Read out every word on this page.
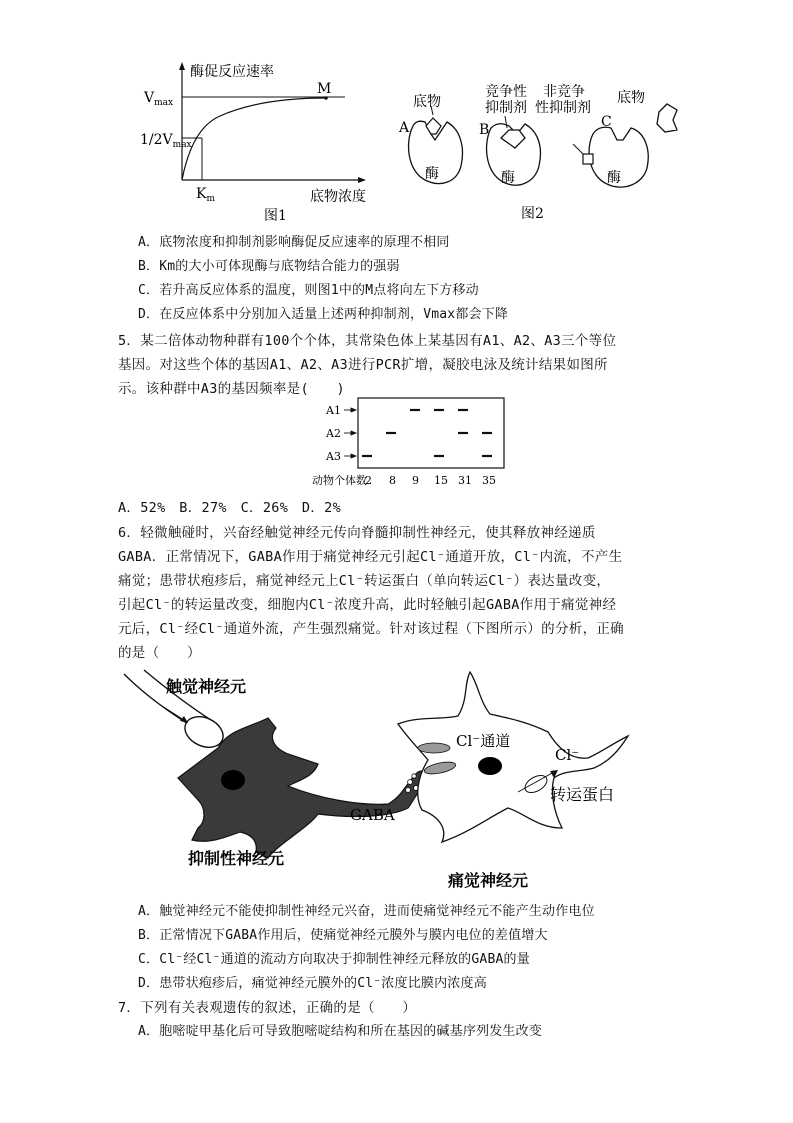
酶促反应速率
$V_{max}$
$1/2V_{max}$
M
$K_m$	底物浓度
图1
A
底物
酶
B
竞争性
抑制剂
酶
非竞争
性抑制剂
C
底物
酶
图2
A．底物浓度和抑制剂影响酶促反应速率的原理不相同
B．Km的大小可体现酶与底物结合能力的强弱
C．若升高反应体系的温度，则图1中的M点将向左下方移动
D．在反应体系中分别加入适量上述两种抑制剂，Vmax都会下降
5．某二倍体动物种群有100个个体，其常染色体上某基因有A1、A2、A3三个等位
基因。对这些个体的基因A1、A2、A3进行PCR扩增，凝胶电泳及统计结果如图所
示。该种群中A3的基因频率是(　　)
A1
A2
A3
动物个体数
2 8 9 15 31 35
A．52%　B．27%　C．26%　D．2%
6．轻微触碰时，兴奋经触觉神经元传向脊髓抑制性神经元，使其释放神经递质
GABA．正常情况下，GABA作用于痛觉神经元引起Cl⁻通道开放，Cl⁻内流，不产生
痛觉；患带状疱疹后，痛觉神经元上Cl⁻转运蛋白（单向转运Cl⁻）表达量改变，
引起Cl⁻的转运量改变，细胞内Cl⁻浓度升高，此时轻触引起GABA作用于痛觉神经
元后，Cl⁻经Cl⁻通道外流，产生强烈痛觉。针对该过程（下图所示）的分析，正确
的是（　　）
触觉神经元
GABA
抑制性神经元
Cl⁻通道
Cl⁻
转运蛋白
痛觉神经元
A．触觉神经元不能使抑制性神经元兴奋，进而使痛觉神经元不能产生动作电位
B．正常情况下GABA作用后，使痛觉神经元膜外与膜内电位的差值增大
C．Cl⁻经Cl⁻通道的流动方向取决于抑制性神经元释放的GABA的量
D．患带状疱疹后，痛觉神经元膜外的Cl⁻浓度比膜内浓度高
7．下列有关表观遗传的叙述，正确的是（　　）
A．胞嘧啶甲基化后可导致胞嘧啶结构和所在基因的碱基序列发生改变
